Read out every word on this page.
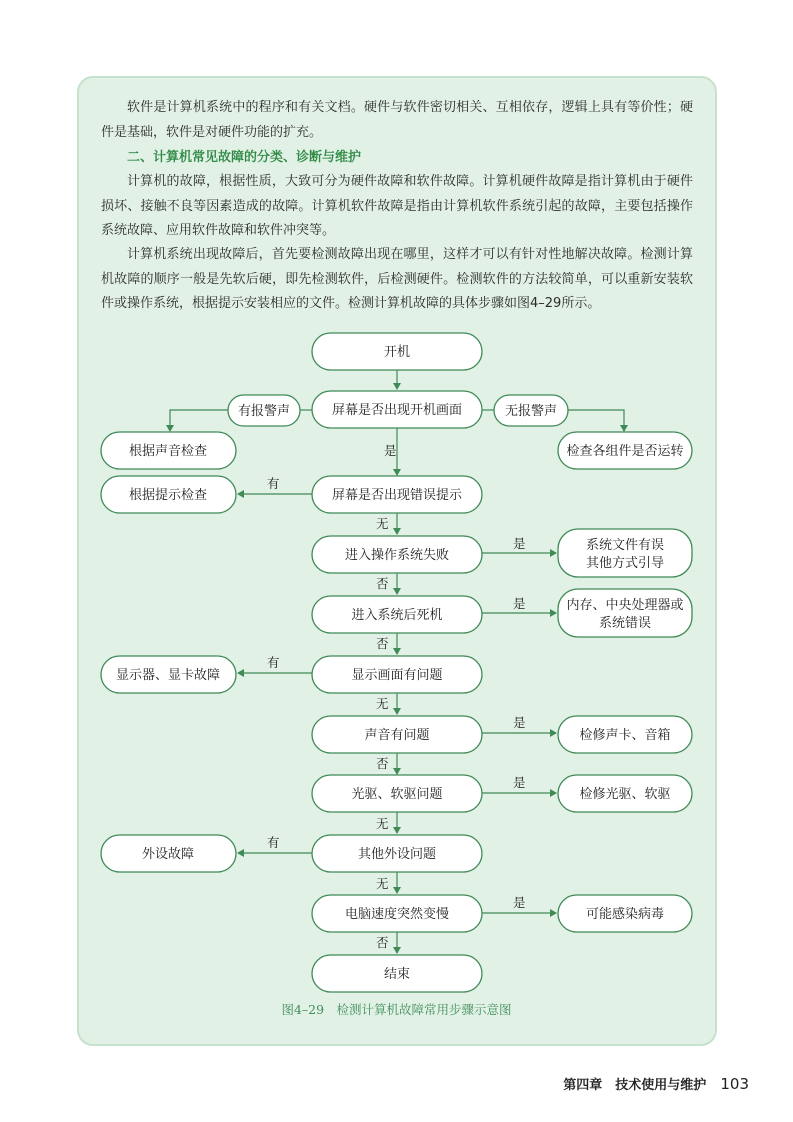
软件是计算机系统中的程序和有关文档。硬件与软件密切相关、互相依存，逻辑上具有等价性；硬件是基础，软件是对硬件功能的扩充。

二、计算机常见故障的分类、诊断与维护

计算机的故障，根据性质，大致可分为硬件故障和软件故障。计算机硬件故障是指计算机由于硬件损坏、接触不良等因素造成的故障。计算机软件故障是指由计算机软件系统引起的故障，主要包括操作系统故障、应用软件故障和软件冲突等。

计算机系统出现故障后，首先要检测故障出现在哪里，这样才可以有针对性地解决故障。检测计算机故障的顺序一般是先软后硬，即先检测软件，后检测硬件。检测软件的方法较简单，可以重新安装软件或操作系统，根据提示安装相应的文件。检测计算机故障的具体步骤如图4–29所示。

是
无
否
否
无
否
无
无
否
有
有
有
是
是
是
是
是
开机
屏幕是否出现开机画面
屏幕是否出现错误提示
进入操作系统失败
进入系统后死机
显示画面有问题
声音有问题
光驱、软驱问题
其他外设问题
电脑速度突然变慢
结束
有报警声
根据声音检查
根据提示检查
显示器、显卡故障
外设故障
无报警声
检查各组件是否运转
系统文件有误
其他方式引导
内存、中央处理器或
系统错误
检修声卡、音箱
检修光驱、软驱
可能感染病毒
图4–29　检测计算机故障常用步骤示意图
第四章　技术使用与维护 103
